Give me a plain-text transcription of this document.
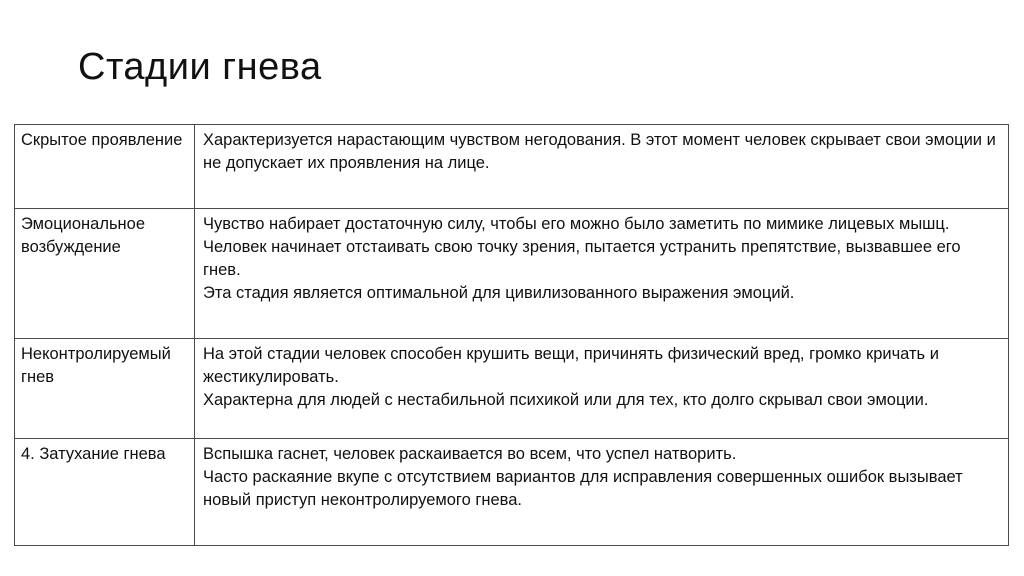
Стадии гнева
Скрытое проявление	Характеризуется нарастающим чувством негодования. В этот момент человек скрывает свои эмоции и не допускает их проявления на лице.

Эмоциональное возбуждение	Чувство набирает достаточную силу, чтобы его можно было заметить по мимике лицевых мышц. Человек начинает отстаивать свою точку зрения, пытается устранить препятствие, вызвавшее его гнев.
Эта стадия является оптимальной для цивилизованного выражения эмоций.

Неконтролируемый гнев	На этой стадии человек способен крушить вещи, причинять физический вред, громко кричать и жестикулировать.
Характерна для людей с нестабильной психикой или для тех, кто долго скрывал свои эмоции.

4. Затухание гнева	Вспышка гаснет, человек раскаивается во всем, что успел натворить.
Часто раскаяние вкупе с отсутствием вариантов для исправления совершенных ошибок вызывает новый приступ неконтролируемого гнева.
